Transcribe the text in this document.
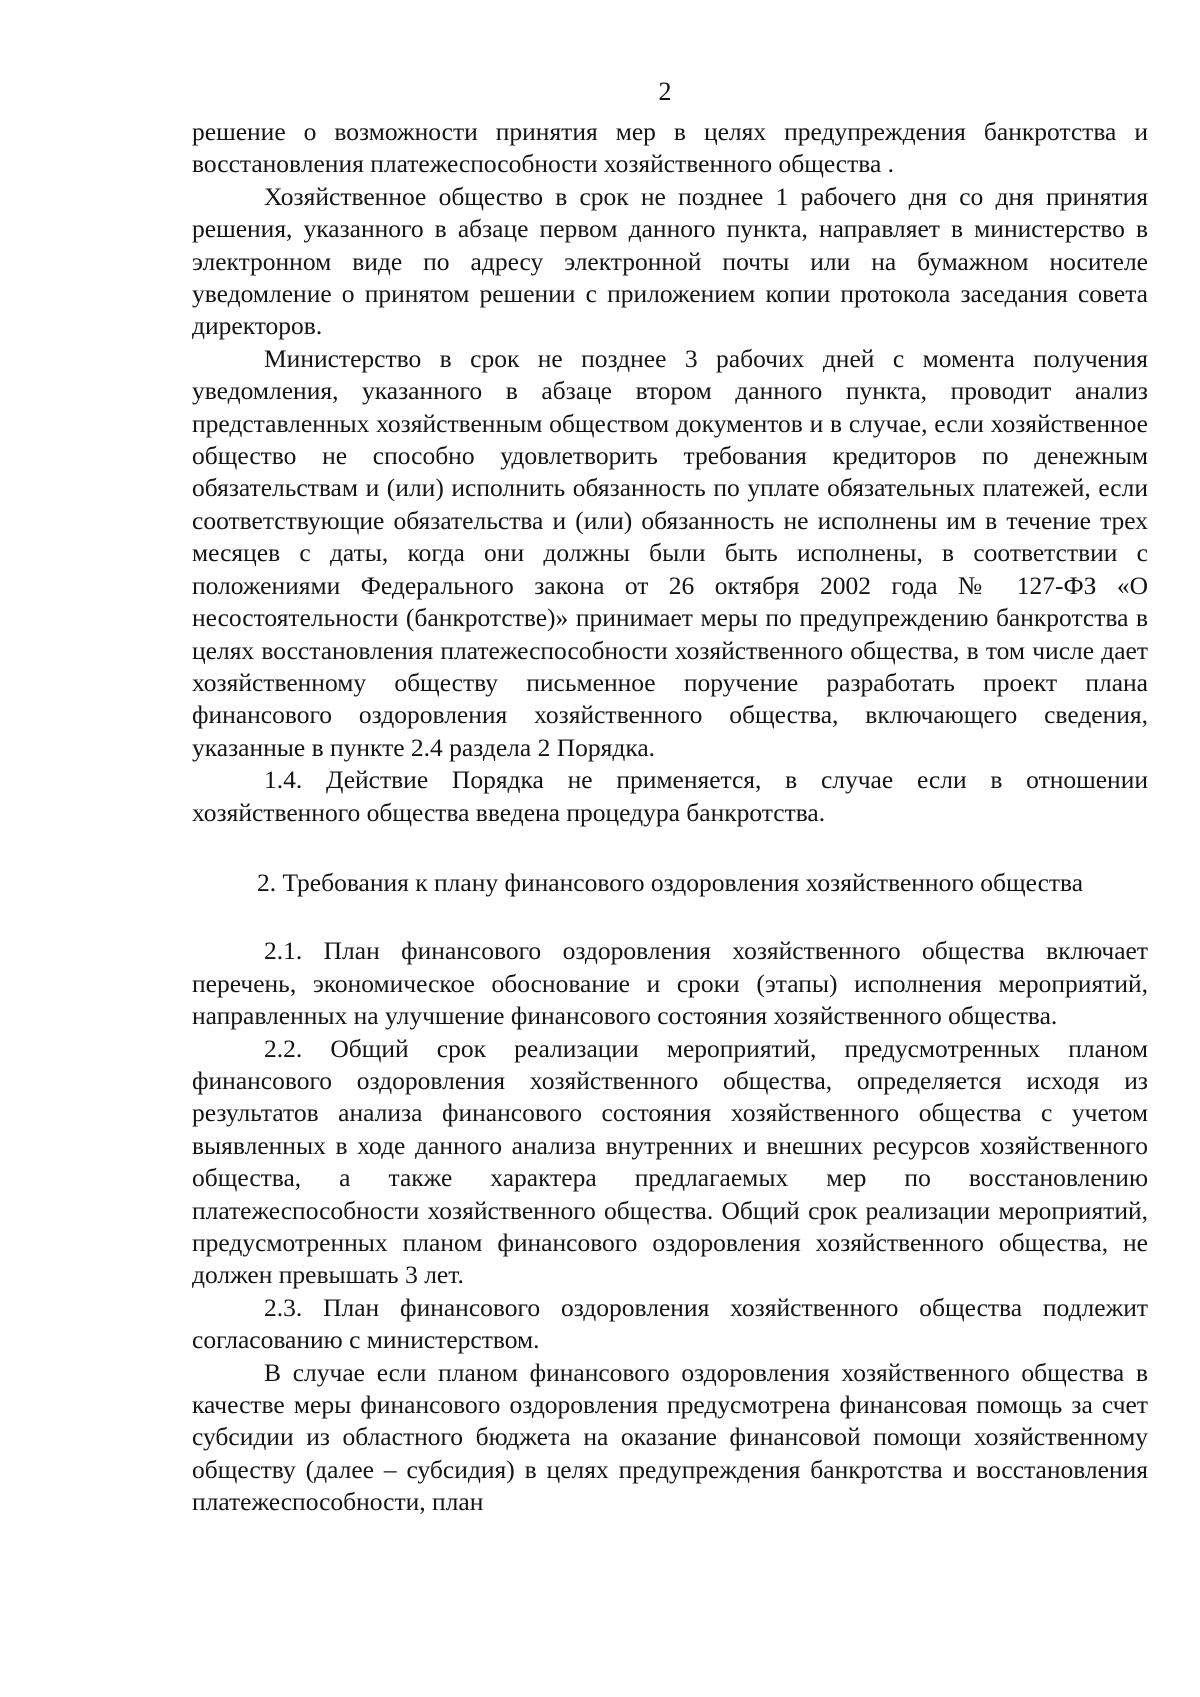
2

решение о возможности принятия мер в целях предупреждения банкротства и восстановления платежеспособности хозяйственного общества .

Хозяйственное общество в срок не позднее 1 рабочего дня со дня принятия решения, указанного в абзаце первом данного пункта, направляет в министерство в электронном виде по адресу электронной почты или на бумажном носителе уведомление о принятом решении с приложением копии протокола заседания совета директоров.

Министерство в срок не позднее 3 рабочих дней с момента получения уведомления, указанного в абзаце втором данного пункта, проводит анализ представленных хозяйственным обществом документов и в случае, если хозяйственное общество не способно удовлетворить требования кредиторов по денежным обязательствам и (или) исполнить обязанность по уплате обязательных платежей, если соответствующие обязательства и (или) обязанность не исполнены им в течение трех месяцев с даты, когда они должны были быть исполнены, в соответствии с положениями Федерального закона от 26 октября 2002 года № 127-ФЗ «О несостоятельности (банкротстве)» принимает меры по предупреждению банкротства в целях восстановления платежеспособности хозяйственного общества, в том числе дает хозяйственному обществу письменное поручение разработать проект плана финансового оздоровления хозяйственного общества, включающего сведения, указанные в пункте 2.4 раздела 2 Порядка.

1.4. Действие Порядка не применяется, в случае если в отношении хозяйственного общества введена процедура банкротства.

2. Требования к плану финансового оздоровления хозяйственного общества

2.1. План финансового оздоровления хозяйственного общества включает перечень, экономическое обоснование и сроки (этапы) исполнения мероприятий, направленных на улучшение финансового состояния хозяйственного общества.

2.2. Общий срок реализации мероприятий, предусмотренных планом финансового оздоровления хозяйственного общества, определяется исходя из результатов анализа финансового состояния хозяйственного общества с учетом выявленных в ходе данного анализа внутренних и внешних ресурсов хозяйственного общества, а также характера предлагаемых мер по восстановлению платежеспособности хозяйственного общества. Общий срок реализации мероприятий, предусмотренных планом финансового оздоровления хозяйственного общества, не должен превышать 3 лет.

2.3. План финансового оздоровления хозяйственного общества подлежит согласованию с министерством.

В случае если планом финансового оздоровления хозяйственного общества в качестве меры финансового оздоровления предусмотрена финансовая помощь за счет субсидии из областного бюджета на оказание финансовой помощи хозяйственному обществу (далее – субсидия) в целях предупреждения банкротства и восстановления платежеспособности, план
